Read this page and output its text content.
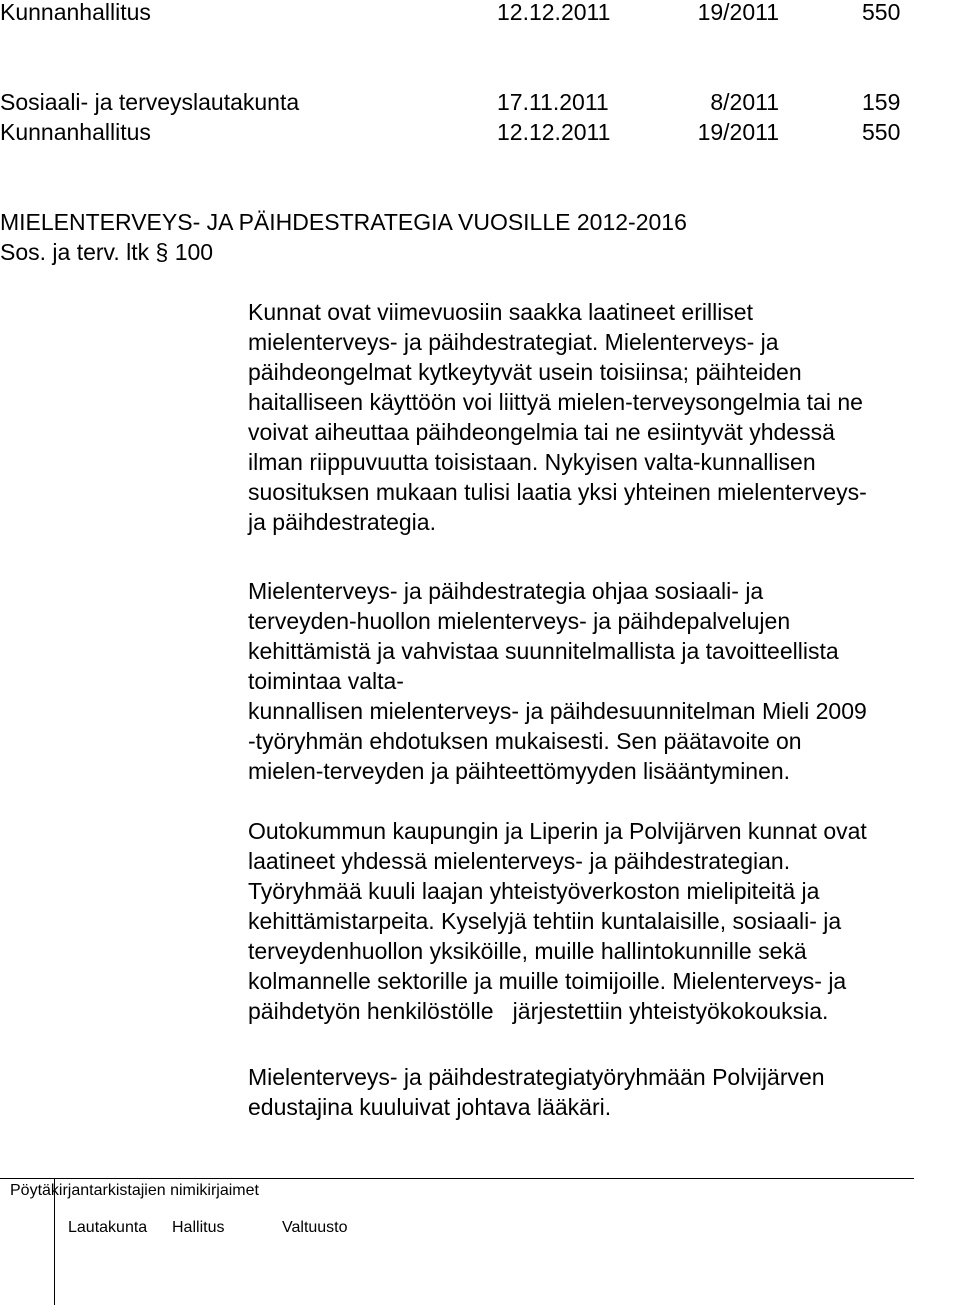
Kunnanhallitus	12.12.2011	19/2011	550
Sosiaali- ja terveyslautakunta	17.11.2011	8/2011	159
Kunnanhallitus	12.12.2011	19/2011	550
MIELENTERVEYS- JA PÄIHDESTRATEGIA VUOSILLE 2012-2016
Sos. ja terv. ltk § 100

Kunnat ovat viimevuosiin saakka laatineet erilliset

mielenterveys- ja päihdestrategiat. Mielenterveys- ja

päihdeongelmat kytkeytyvät usein toisiinsa; päihteiden

haitalliseen käyttöön voi liittyä mielen-terveysongelmia tai ne

voivat aiheuttaa päihdeongelmia tai ne esiintyvät yhdessä

ilman riippuvuutta toisistaan. Nykyisen valta-kunnallisen

suosituksen mukaan tulisi laatia yksi yhteinen mielenterveys-

ja päihdestrategia.

Mielenterveys- ja päihdestrategia ohjaa sosiaali- ja

terveyden-huollon mielenterveys- ja päihdepalvelujen

kehittämistä ja vahvistaa suunnitelmallista ja tavoitteellista

toimintaa valta-

kunnallisen mielenterveys- ja päihdesuunnitelman Mieli 2009

-työryhmän ehdotuksen mukaisesti. Sen päätavoite on

mielen-terveyden ja päihteettömyyden lisääntyminen.

Outokummun kaupungin ja Liperin ja Polvijärven kunnat ovat

laatineet yhdessä mielenterveys- ja päihdestrategian.

Työryhmää kuuli laajan yhteistyöverkoston mielipiteitä ja

kehittämistarpeita. Kyselyjä tehtiin kuntalaisille, sosiaali- ja

terveydenhuollon yksiköille, muille hallintokunnille sekä

kolmannelle sektorille ja muille toimijoille. Mielenterveys- ja

päihdetyön henkilöstölle   järjestettiin yhteistyökokouksia.

Mielenterveys- ja päihdestrategiatyöryhmään Polvijärven

edustajina kuuluivat johtava lääkäri.

Pöytäkirjantarkistajien nimikirjaimet
Lautakunta Hallitus	Valtuusto
